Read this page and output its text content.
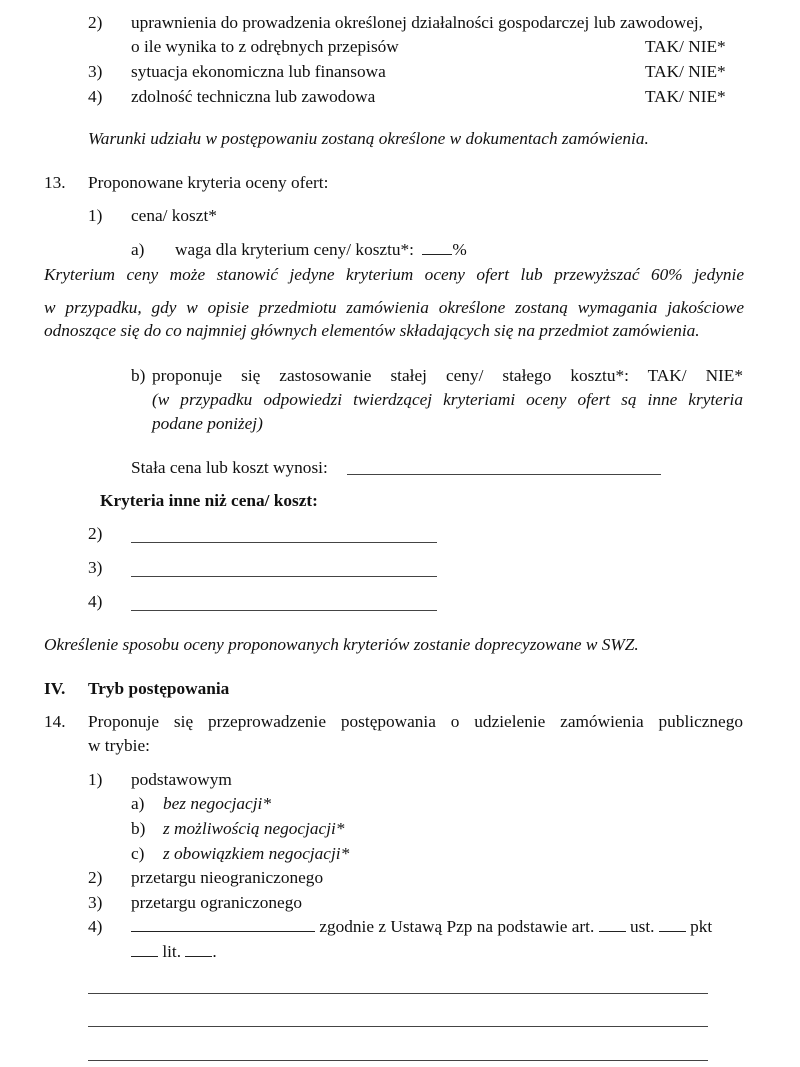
2) uprawnienia do prowadzenia określonej działalności gospodarczej lub zawodowej,
o ile wynika to z odrębnych przepisów	TAK/ NIE*
3) sytuacja ekonomiczna lub finansowa	TAK/ NIE*
4) zdolność techniczna lub zawodowa	TAK/ NIE*
Warunki udziału w postępowaniu zostaną określone w dokumentach zamówienia.
13. Proponowane kryteria oceny ofert:
1) cena/ koszt*
a) waga dla kryterium ceny/ kosztu*: %
Kryterium ceny może stanowić jedyne kryterium oceny ofert lub przewyższać 60% jedynie
w przypadku, gdy w opisie przedmiotu zamówienia określone zostaną wymagania jakościowe
odnoszące się do co najmniej głównych elementów składających się na przedmiot zamówienia.
b) proponuje się zastosowanie stałej ceny/ stałego kosztu*: TAK/ NIE*
(w przypadku odpowiedzi twierdzącej kryteriami oceny ofert są inne kryteria
podane poniżej)
Stała cena lub koszt wynosi:
Kryteria inne niż cena/ koszt:
2)
3)
4)
Określenie sposobu oceny proponowanych kryteriów zostanie doprecyzowane w SWZ.
IV. Tryb postępowania
14. Proponuje się przeprowadzenie postępowania o udzielenie zamówienia publicznego
w trybie:
1) podstawowym
a) bez negocjacji*
b) z możliwością negocjacji*
c) z obowiązkiem negocjacji*
2) przetargu nieograniczonego
3) przetargu ograniczonego
4)	zgodnie z Ustawą Pzp na podstawie art. ust. pkt
lit. .
